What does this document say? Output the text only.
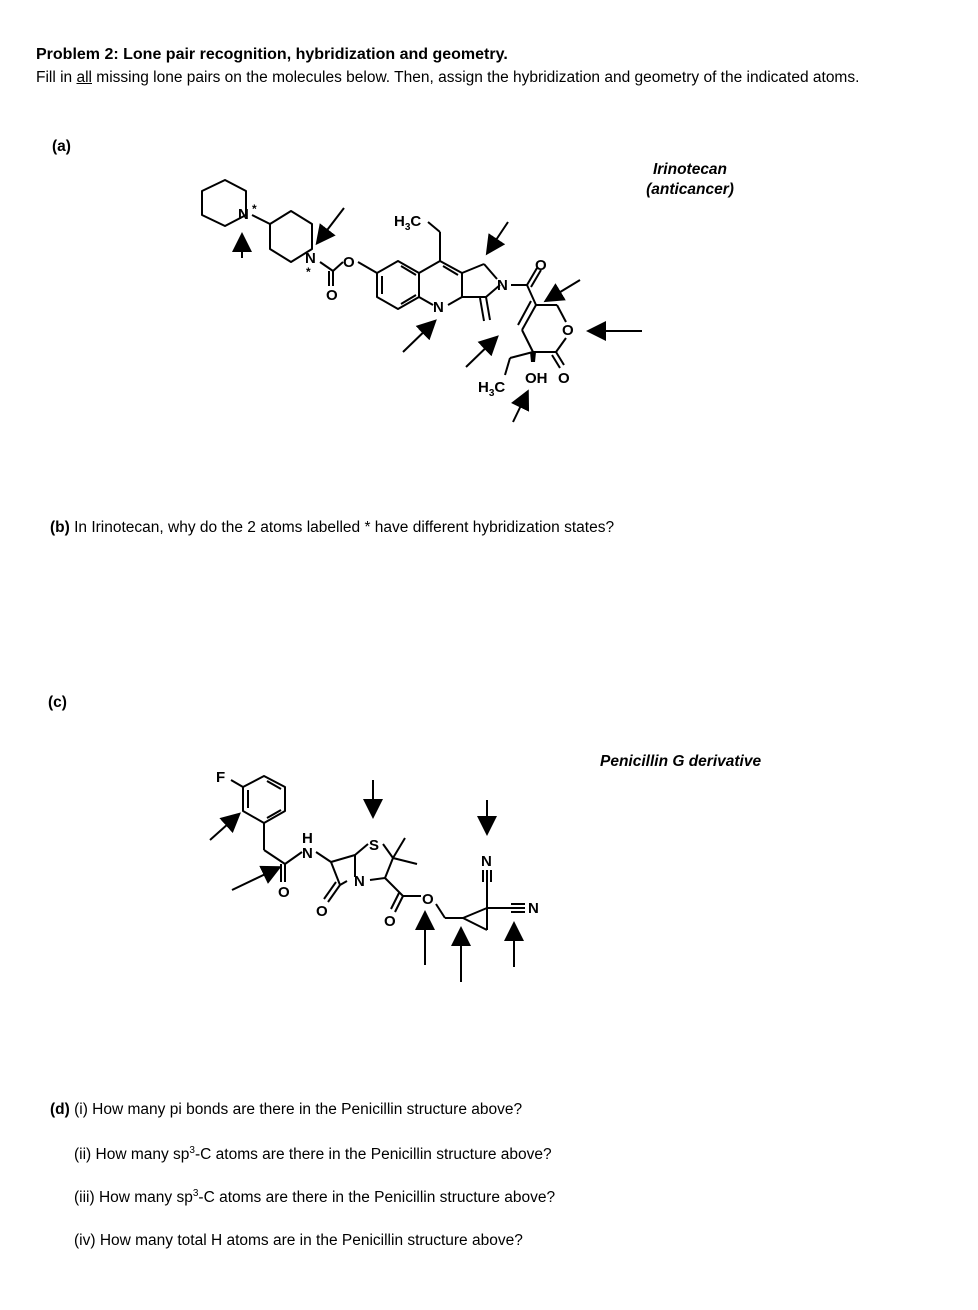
Problem 2: Lone pair recognition, hybridization and geometry.
Fill in all missing lone pairs on the molecules below. Then, assign the hybridization and geometry of the indicated atoms.
(a)
Irinotecan
(anticancer)
N *
N
*
O
O
$H_3C$
N
N
O
O
OH O
$H_3C$
(b) In Irinotecan, why do the 2 atoms labelled * have different hybridization states?
(c)
Penicillin G derivative
F
H
N
O
S
N
O
O
O
N
N
(d) (i) How many pi bonds are there in the Penicillin structure above?
(ii) How many $sp^3-C$ atoms are there in the Penicillin structure above?
(iii) How many $sp^3-C$ atoms are there in the Penicillin structure above?
(iv) How many total H atoms are in the Penicillin structure above?
